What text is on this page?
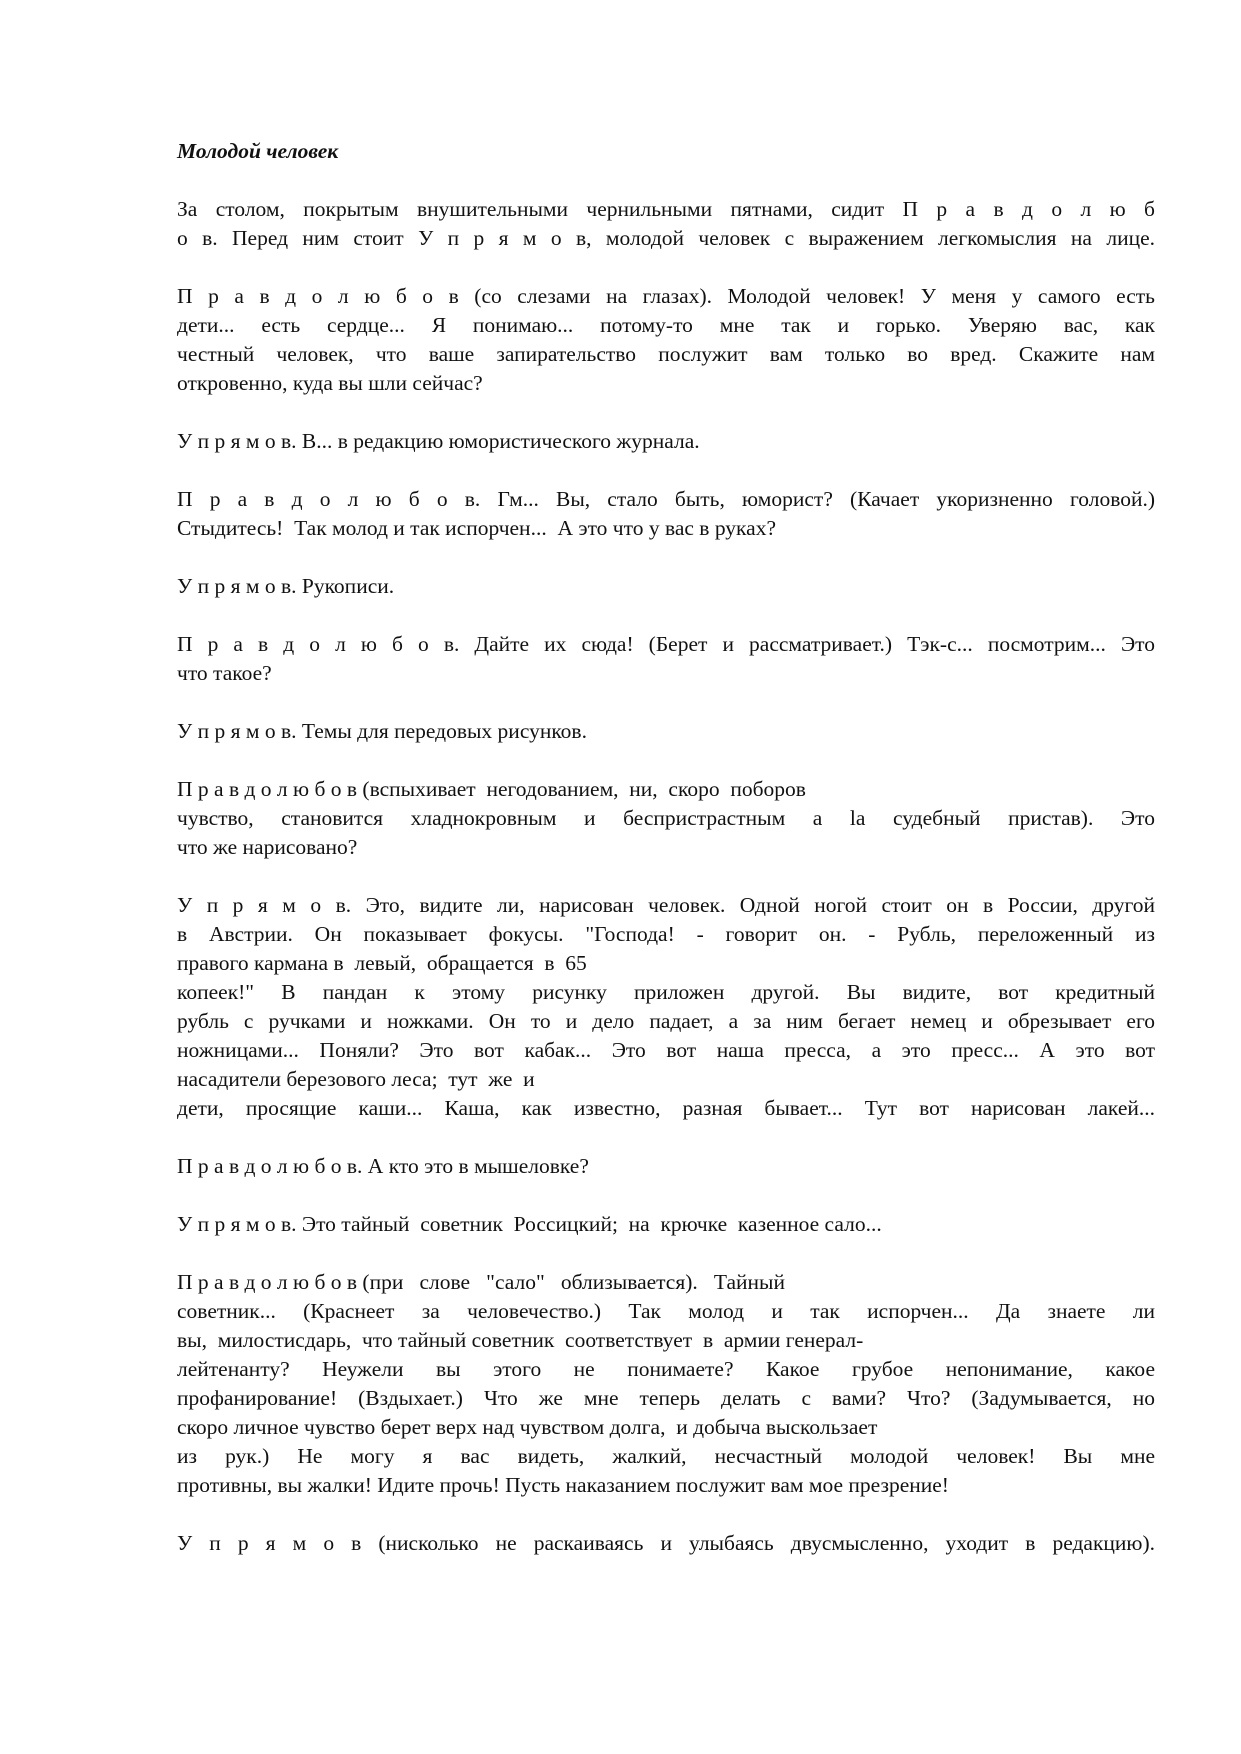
Молодой человек
За столом, покрытым внушительными чернильными пятнами, сидит П р а в д о л ю б
о в. Перед ним стоит У п р я м о в, молодой человек с выражением легкомыслия на лице.
П р а в д о л ю б о в (со слезами на глазах). Молодой человек! У меня у самого есть
дети... есть сердце... Я понимаю... потому-то мне так и горько. Уверяю вас, как
честный человек, что ваше запирательство послужит вам только во вред. Скажите нам
откровенно, куда вы шли сейчас?
У п р я м о в. В... в редакцию юмористического журнала.
П р а в д о л ю б о в. Гм... Вы, стало быть, юморист? (Качает укоризненно головой.)
Стыдитесь!  Так молод и так испорчен...  А это что у вас в руках?
У п р я м о в. Рукописи.
П р а в д о л ю б о в. Дайте их сюда! (Берет и рассматривает.) Тэк-с... посмотрим... Это
что такое?
У п р я м о в. Темы для передовых рисунков.
П р а в д о л ю б о в (вспыхивает  негодованием,  ни,  скоро  поборов
чувство, становится хладнокровным и беспристрастным а la судебный пристав). Это
что же нарисовано?
У п р я м о в. Это, видите ли, нарисован человек. Одной ногой стоит он в России, другой
в Австрии. Он показывает фокусы. "Господа! - говорит он. - Рубль, переложенный из
правого кармана в  левый,  обращается  в  65
копеек!" В пандан к этому рисунку приложен другой. Вы видите, вот кредитный
рубль с ручками и ножками. Он то и дело падает, а за ним бегает немец и обрезывает его
ножницами... Поняли? Это вот кабак... Это вот наша пресса, а это пресс... А это вот
насадители березового леса;  тут  же  и
дети, просящие каши... Каша, как известно, разная бывает... Тут вот нарисован лакей...
П р а в д о л ю б о в. А кто это в мышеловке?
У п р я м о в. Это тайный  советник  Россицкий;  на  крючке  казенное сало...
П р а в д о л ю б о в (при   слове   "сало"   облизывается).   Тайный
советник... (Краснеет за человечество.) Так молод и так испорчен... Да знаете ли
вы,  милостисдарь,  что тайный советник  соответствует  в  армии генерал-
лейтенанту? Неужели вы этого не понимаете? Какое грубое непонимание, какое
профанирование! (Вздыхает.) Что же мне теперь делать с вами? Что? (Задумывается, но
скоро личное чувство берет верх над чувством долга,  и добыча выскользает
из рук.) Не могу я вас видеть, жалкий, несчастный молодой человек! Вы мне
противны, вы жалки! Идите прочь! Пусть наказанием послужит вам мое презрение!
У п р я м о в (нисколько не раскаиваясь и улыбаясь двусмысленно, уходит в редакцию).
